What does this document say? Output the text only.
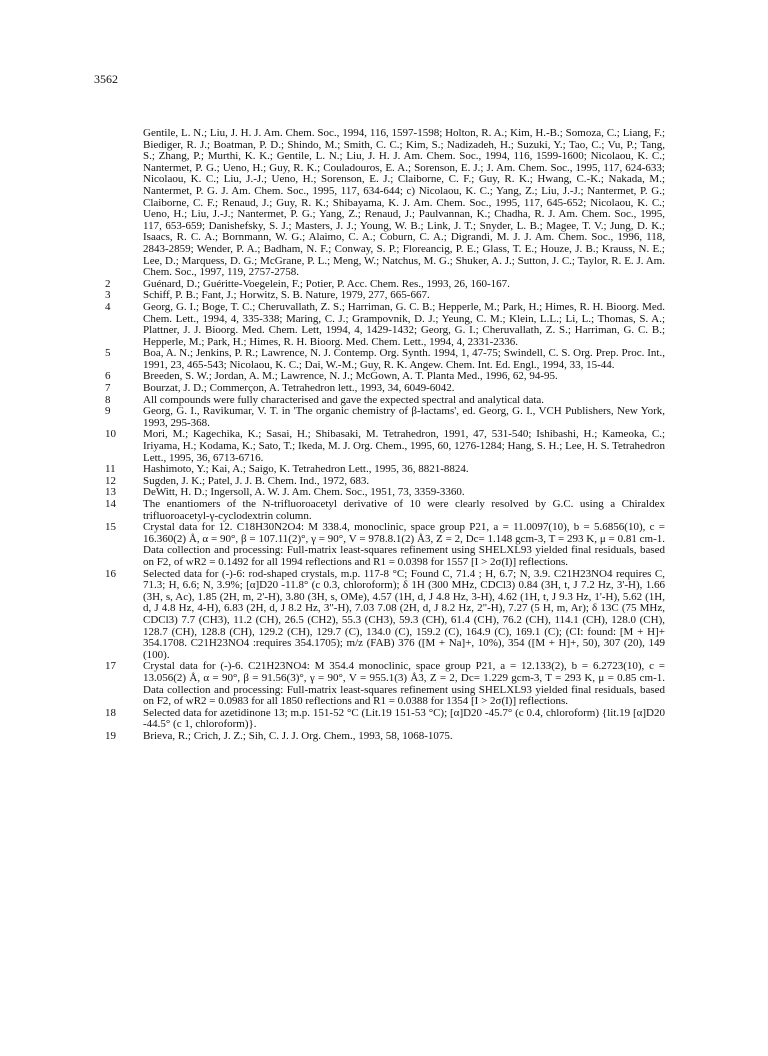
3562
Gentile, L. N.; Liu, J. H. J. Am. Chem. Soc., 1994, 116, 1597-1598; Holton, R. A.; Kim, H.-B.; Somoza, C.; Liang, F.; Biediger, R. J.; Boatman, P. D.; Shindo, M.; Smith, C. C.; Kim, S.; Nadizadeh, H.; Suzuki, Y.; Tao, C.; Vu, P.; Tang, S.; Zhang, P.; Murthi, K. K.; Gentile, L. N.; Liu, J. H. J. Am. Chem. Soc., 1994, 116, 1599-1600; Nicolaou, K. C.; Nantermet, P. G.; Ueno, H.; Guy, R. K.; Couladouros, E. A.; Sorenson, E. J.; J. Am. Chem. Soc., 1995, 117, 624-633; Nicolaou, K. C.; Liu, J.-J.; Ueno, H.; Sorenson, E. J.; Claiborne, C. F.; Guy, R. K.; Hwang, C.-K.; Nakada, M.; Nantermet, P. G. J. Am. Chem. Soc., 1995, 117, 634-644; c) Nicolaou, K. C.; Yang, Z.; Liu, J.-J.; Nantermet, P. G.; Claiborne, C. F.; Renaud, J.; Guy, R. K.; Shibayama, K. J. Am. Chem. Soc., 1995, 117, 645-652; Nicolaou, K. C.; Ueno, H.; Liu, J.-J.; Nantermet, P. G.; Yang, Z.; Renaud, J.; Paulvannan, K.; Chadha, R. J. Am. Chem. Soc., 1995, 117, 653-659; Danishefsky, S. J.; Masters, J. J.; Young, W. B.; Link, J. T.; Snyder, L. B.; Magee, T. V.; Jung, D. K.; Isaacs, R. C. A.; Bornmann, W. G.; Alaimo, C. A.; Coburn, C. A.; Digrandi, M. J. J. Am. Chem. Soc., 1996, 118, 2843-2859; Wender, P. A.; Badham, N. F.; Conway, S. P.; Floreancig, P. E.; Glass, T. E.; Houze, J. B.; Krauss, N. E.; Lee, D.; Marquess, D. G.; McGrane, P. L.; Meng, W.; Natchus, M. G.; Shuker, A. J.; Sutton, J. C.; Taylor, R. E. J. Am. Chem. Soc., 1997, 119, 2757-2758.
2	Guénard, D.; Guéritte-Voegelein, F.; Potier, P. Acc. Chem. Res., 1993, 26, 160-167.
3	Schiff, P. B.; Fant, J.; Horwitz, S. B. Nature, 1979, 277, 665-667.
4	Georg, G. I.; Boge, T. C.; Cheruvallath, Z. S.; Harriman, G. C. B.; Hepperle, M.; Park, H.; Himes, R. H. Bioorg. Med. Chem. Lett., 1994, 4, 335-338; Maring, C. J.; Grampovnik, D. J.; Yeung, C. M.; Klein, L.L.; Li, L.; Thomas, S. A.; Plattner, J. J. Bioorg. Med. Chem. Lett, 1994, 4, 1429-1432; Georg, G. I.; Cheruvallath, Z. S.; Harriman, G. C. B.; Hepperle, M.; Park, H.; Himes, R. H. Bioorg. Med. Chem. Lett., 1994, 4, 2331-2336.
5	Boa, A. N.; Jenkins, P. R.; Lawrence, N. J. Contemp. Org. Synth. 1994, 1, 47-75; Swindell, C. S. Org. Prep. Proc. Int., 1991, 23, 465-543; Nicolaou, K. C.; Dai, W.-M.; Guy, R. K. Angew. Chem. Int. Ed. Engl., 1994, 33, 15-44.
6	Breeden, S. W.; Jordan, A. M.; Lawrence, N. J.; McGown, A. T. Planta Med., 1996, 62, 94-95.
7	Bourzat, J. D.; Commerçon, A. Tetrahedron lett., 1993, 34, 6049-6042.
8	All compounds were fully characterised and gave the expected spectral and analytical data.
9	Georg, G. I., Ravikumar, V. T. in 'The organic chemistry of β-lactams', ed. Georg, G. I., VCH Publishers, New York, 1993, 295-368.
10	Mori, M.; Kagechika, K.; Sasai, H.; Shibasaki, M. Tetrahedron, 1991, 47, 531-540; Ishibashi, H.; Kameoka, C.; Iriyama, H.; Kodama, K.; Sato, T.; Ikeda, M. J. Org. Chem., 1995, 60, 1276-1284; Hang, S. H.; Lee, H. S. Tetrahedron Lett., 1995, 36, 6713-6716.
11	Hashimoto, Y.; Kai, A.; Saigo, K. Tetrahedron Lett., 1995, 36, 8821-8824.
12	Sugden, J. K.; Patel, J. J. B. Chem. Ind., 1972, 683.
13	DeWitt, H. D.; Ingersoll, A. W. J. Am. Chem. Soc., 1951, 73, 3359-3360.
14	The enantiomers of the N-trifluoroacetyl derivative of 10 were clearly resolved by G.C. using a Chiraldex trifluoroacetyl-γ-cyclodextrin column.
15	Crystal data for 12. C18H30N2O4: M 338.4, monoclinic, space group P21, a = 11.0097(10), b = 5.6856(10), c = 16.360(2) Å, α = 90°, β = 107.11(2)°, γ = 90°, V = 978.8.1(2) Å3, Z = 2, Dc= 1.148 gcm-3, T = 293 K, μ = 0.81 cm-1. Data collection and processing: Full-matrix least-squares refinement using SHELXL93 yielded final residuals, based on F2, of wR2 = 0.1492 for all 1994 reflections and R1 = 0.0398 for 1557 [I > 2σ(I)] reflections.
16	Selected data for (-)-6: rod-shaped crystals, m.p. 117-8 °C; Found C, 71.4 ; H, 6.7; N, 3.9. C21H23NO4 requires C, 71.3; H, 6.6; N, 3.9%; [α]D20 -11.8° (c 0.3, chloroform); δ 1H (300 MHz, CDCl3) 0.84 (3H, t, J 7.2 Hz, 3'-H), 1.66 (3H, s, Ac), 1.85 (2H, m, 2'-H), 3.80 (3H, s, OMe), 4.57 (1H, d, J 4.8 Hz, 3-H), 4.62 (1H, t, J 9.3 Hz, 1'-H), 5.62 (1H, d, J 4.8 Hz, 4-H), 6.83 (2H, d, J 8.2 Hz, 3"-H), 7.03 7.08 (2H, d, J 8.2 Hz, 2"-H), 7.27 (5 H, m, Ar); δ 13C (75 MHz, CDCl3) 7.7 (CH3), 11.2 (CH), 26.5 (CH2), 55.3 (CH3), 59.3 (CH), 61.4 (CH), 76.2 (CH), 114.1 (CH), 128.0 (CH), 128.7 (CH), 128.8 (CH), 129.2 (CH), 129.7 (C), 134.0 (C), 159.2 (C), 164.9 (C), 169.1 (C); (CI: found: [M + H]+ 354.1708. C21H23NO4 :requires 354.1705); m/z (FAB) 376 ([M + Na]+, 10%), 354 ([M + H]+, 50), 307 (20), 149 (100).
17	Crystal data for (-)-6. C21H23NO4: M 354.4 monoclinic, space group P21, a = 12.133(2), b = 6.2723(10), c = 13.056(2) Å, α = 90°, β = 91.56(3)°, γ = 90°, V = 955.1(3) Å3, Z = 2, Dc= 1.229 gcm-3, T = 293 K, μ = 0.85 cm-1. Data collection and processing: Full-matrix least-squares refinement using SHELXL93 yielded final residuals, based on F2, of wR2 = 0.0983 for all 1850 reflections and R1 = 0.0388 for 1354 [I > 2σ(I)] reflections.
18	Selected data for azetidinone 13; m.p. 151-52 °C (Lit.19 151-53 °C); [α]D20 -45.7° (c 0.4, chloroform) {lit.19 [α]D20 -44.5° (c 1, chloroform)}.
19	Brieva, R.; Crich, J. Z.; Sih, C. J. J. Org. Chem., 1993, 58, 1068-1075.
